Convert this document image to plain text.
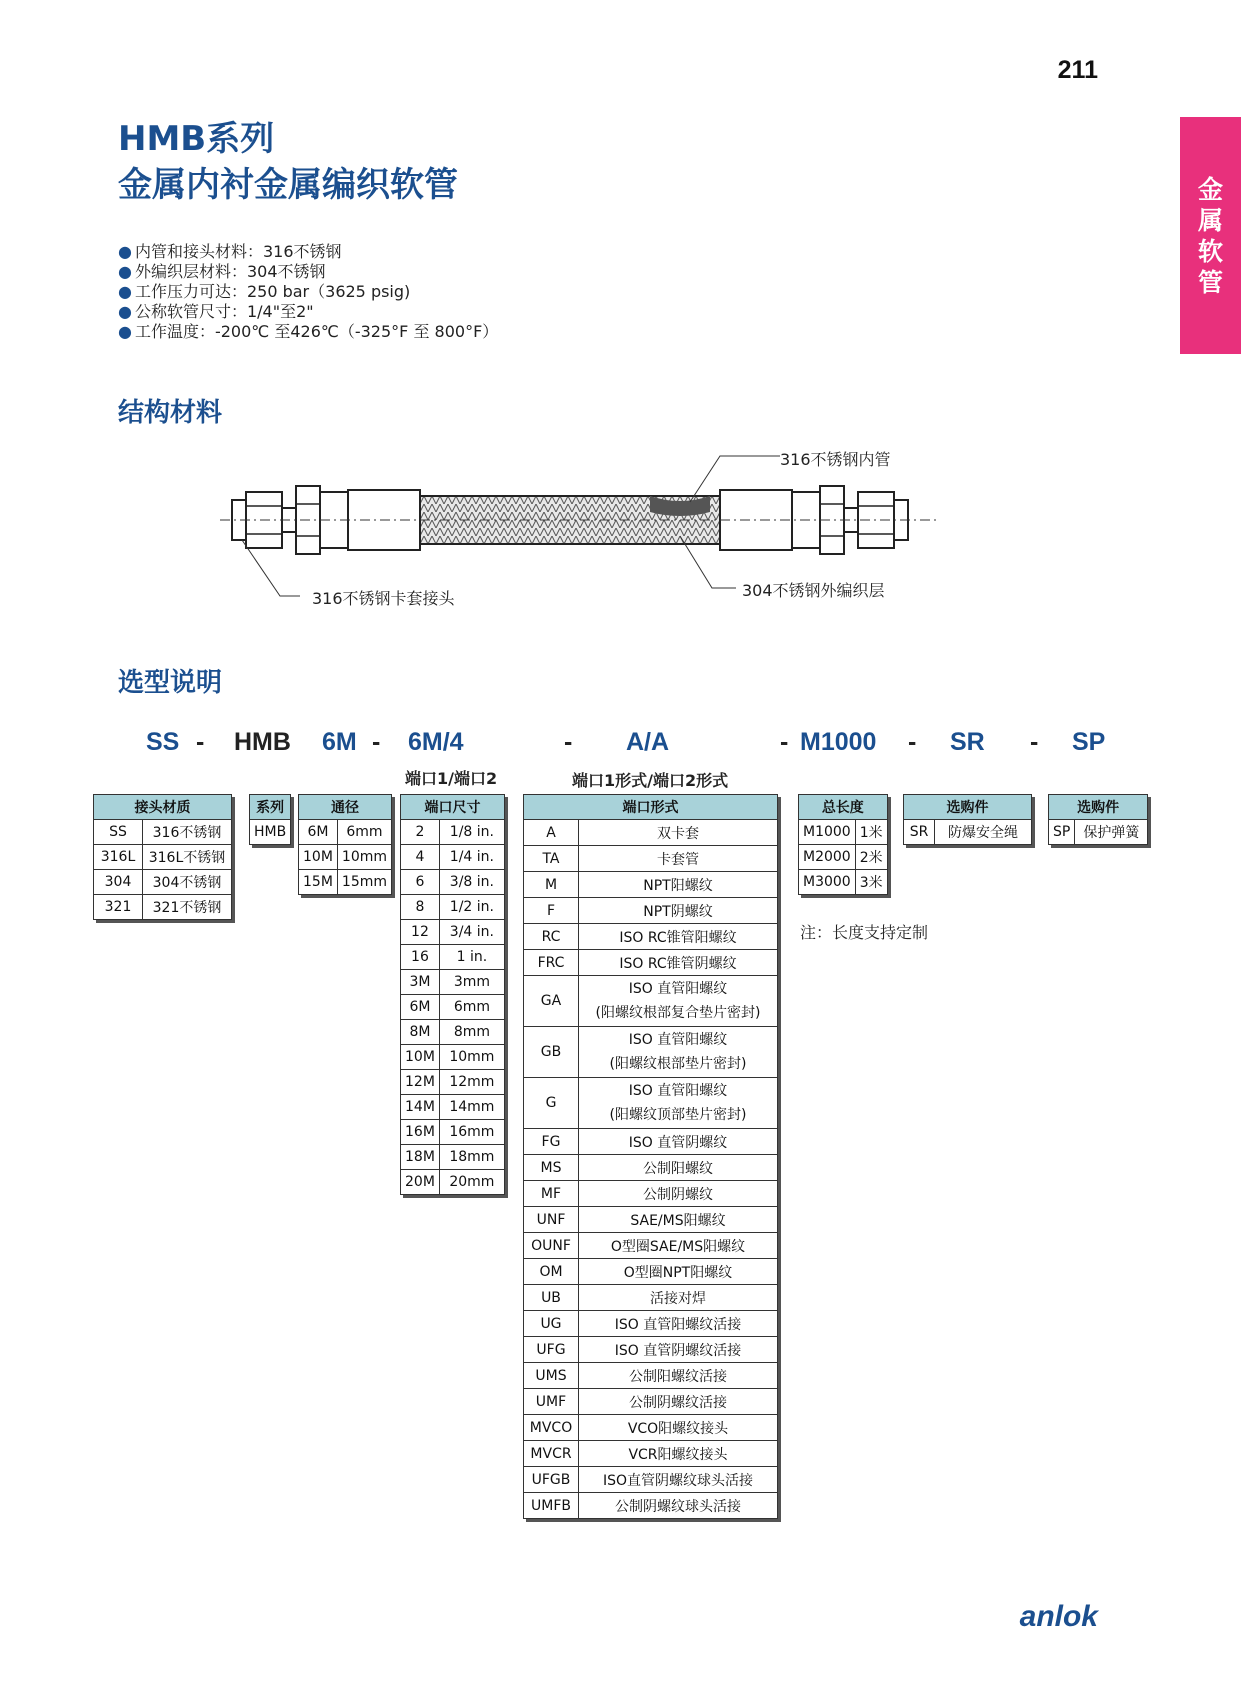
211
金
属
软
管
HMB系列
金属内衬金属编织软管
● 内管和接头材料：316不锈钢
● 外编织层材料：304不锈钢
● 工作压力可达：250 bar（3625 psig)
● 公称软管尺寸：1/4"至2"
● 工作温度：-200℃ 至426℃（-325°F 至 800°F）
结构材料
316不锈钢内管
316不锈钢卡套接头	304不锈钢外编织层
选型说明
SS - HMB 6M - 6M/4	- A/A	- M1000 - SR - SP
端口1/端口2	端口1形式/端口2形式
接头材质	
SS	316不锈钢
316L	316L不锈钢
304	304不锈钢
321	321不锈钢
系列
HMB
通径	
6M	6mm
10M	10mm
15M	15mm
端口尺寸	
2	1/8 in.
4	1/4 in.
6	3/8 in.
8	1/2 in.
12	3/4 in.
16	1 in.
3M	3mm
6M	6mm
8M	8mm
10M	10mm
12M	12mm
14M	14mm
16M	16mm
18M	18mm
20M	20mm
端口形式	
A	双卡套
TA	卡套管
M	NPT阳螺纹
F	NPT阴螺纹
RC	ISO RC锥管阳螺纹
FRC	ISO RC锥管阴螺纹
GA	ISO 直管阳螺纹
(阳螺纹根部复合垫片密封)

GB	ISO 直管阳螺纹
(阳螺纹根部垫片密封)

G	ISO 直管阳螺纹
(阳螺纹顶部垫片密封)

FG	ISO 直管阴螺纹
MS	公制阳螺纹
MF	公制阴螺纹
UNF	SAE/MS阳螺纹
OUNF	O型圈SAE/MS阳螺纹
OM	O型圈NPT阳螺纹
UB	活接对焊
UG	ISO 直管阳螺纹活接
UFG	ISO 直管阴螺纹活接
UMS	公制阳螺纹活接
UMF	公制阴螺纹活接
MVCO	VCO阳螺纹接头
MVCR	VCR阳螺纹接头
UFGB	ISO直管阴螺纹球头活接
UMFB	公制阴螺纹球头活接
总长度	
M1000	1米
M2000	2米
M3000	3米
选购件
SR	防爆安全绳
选购件
SP	保护弹簧
注：长度支持定制
anlok
